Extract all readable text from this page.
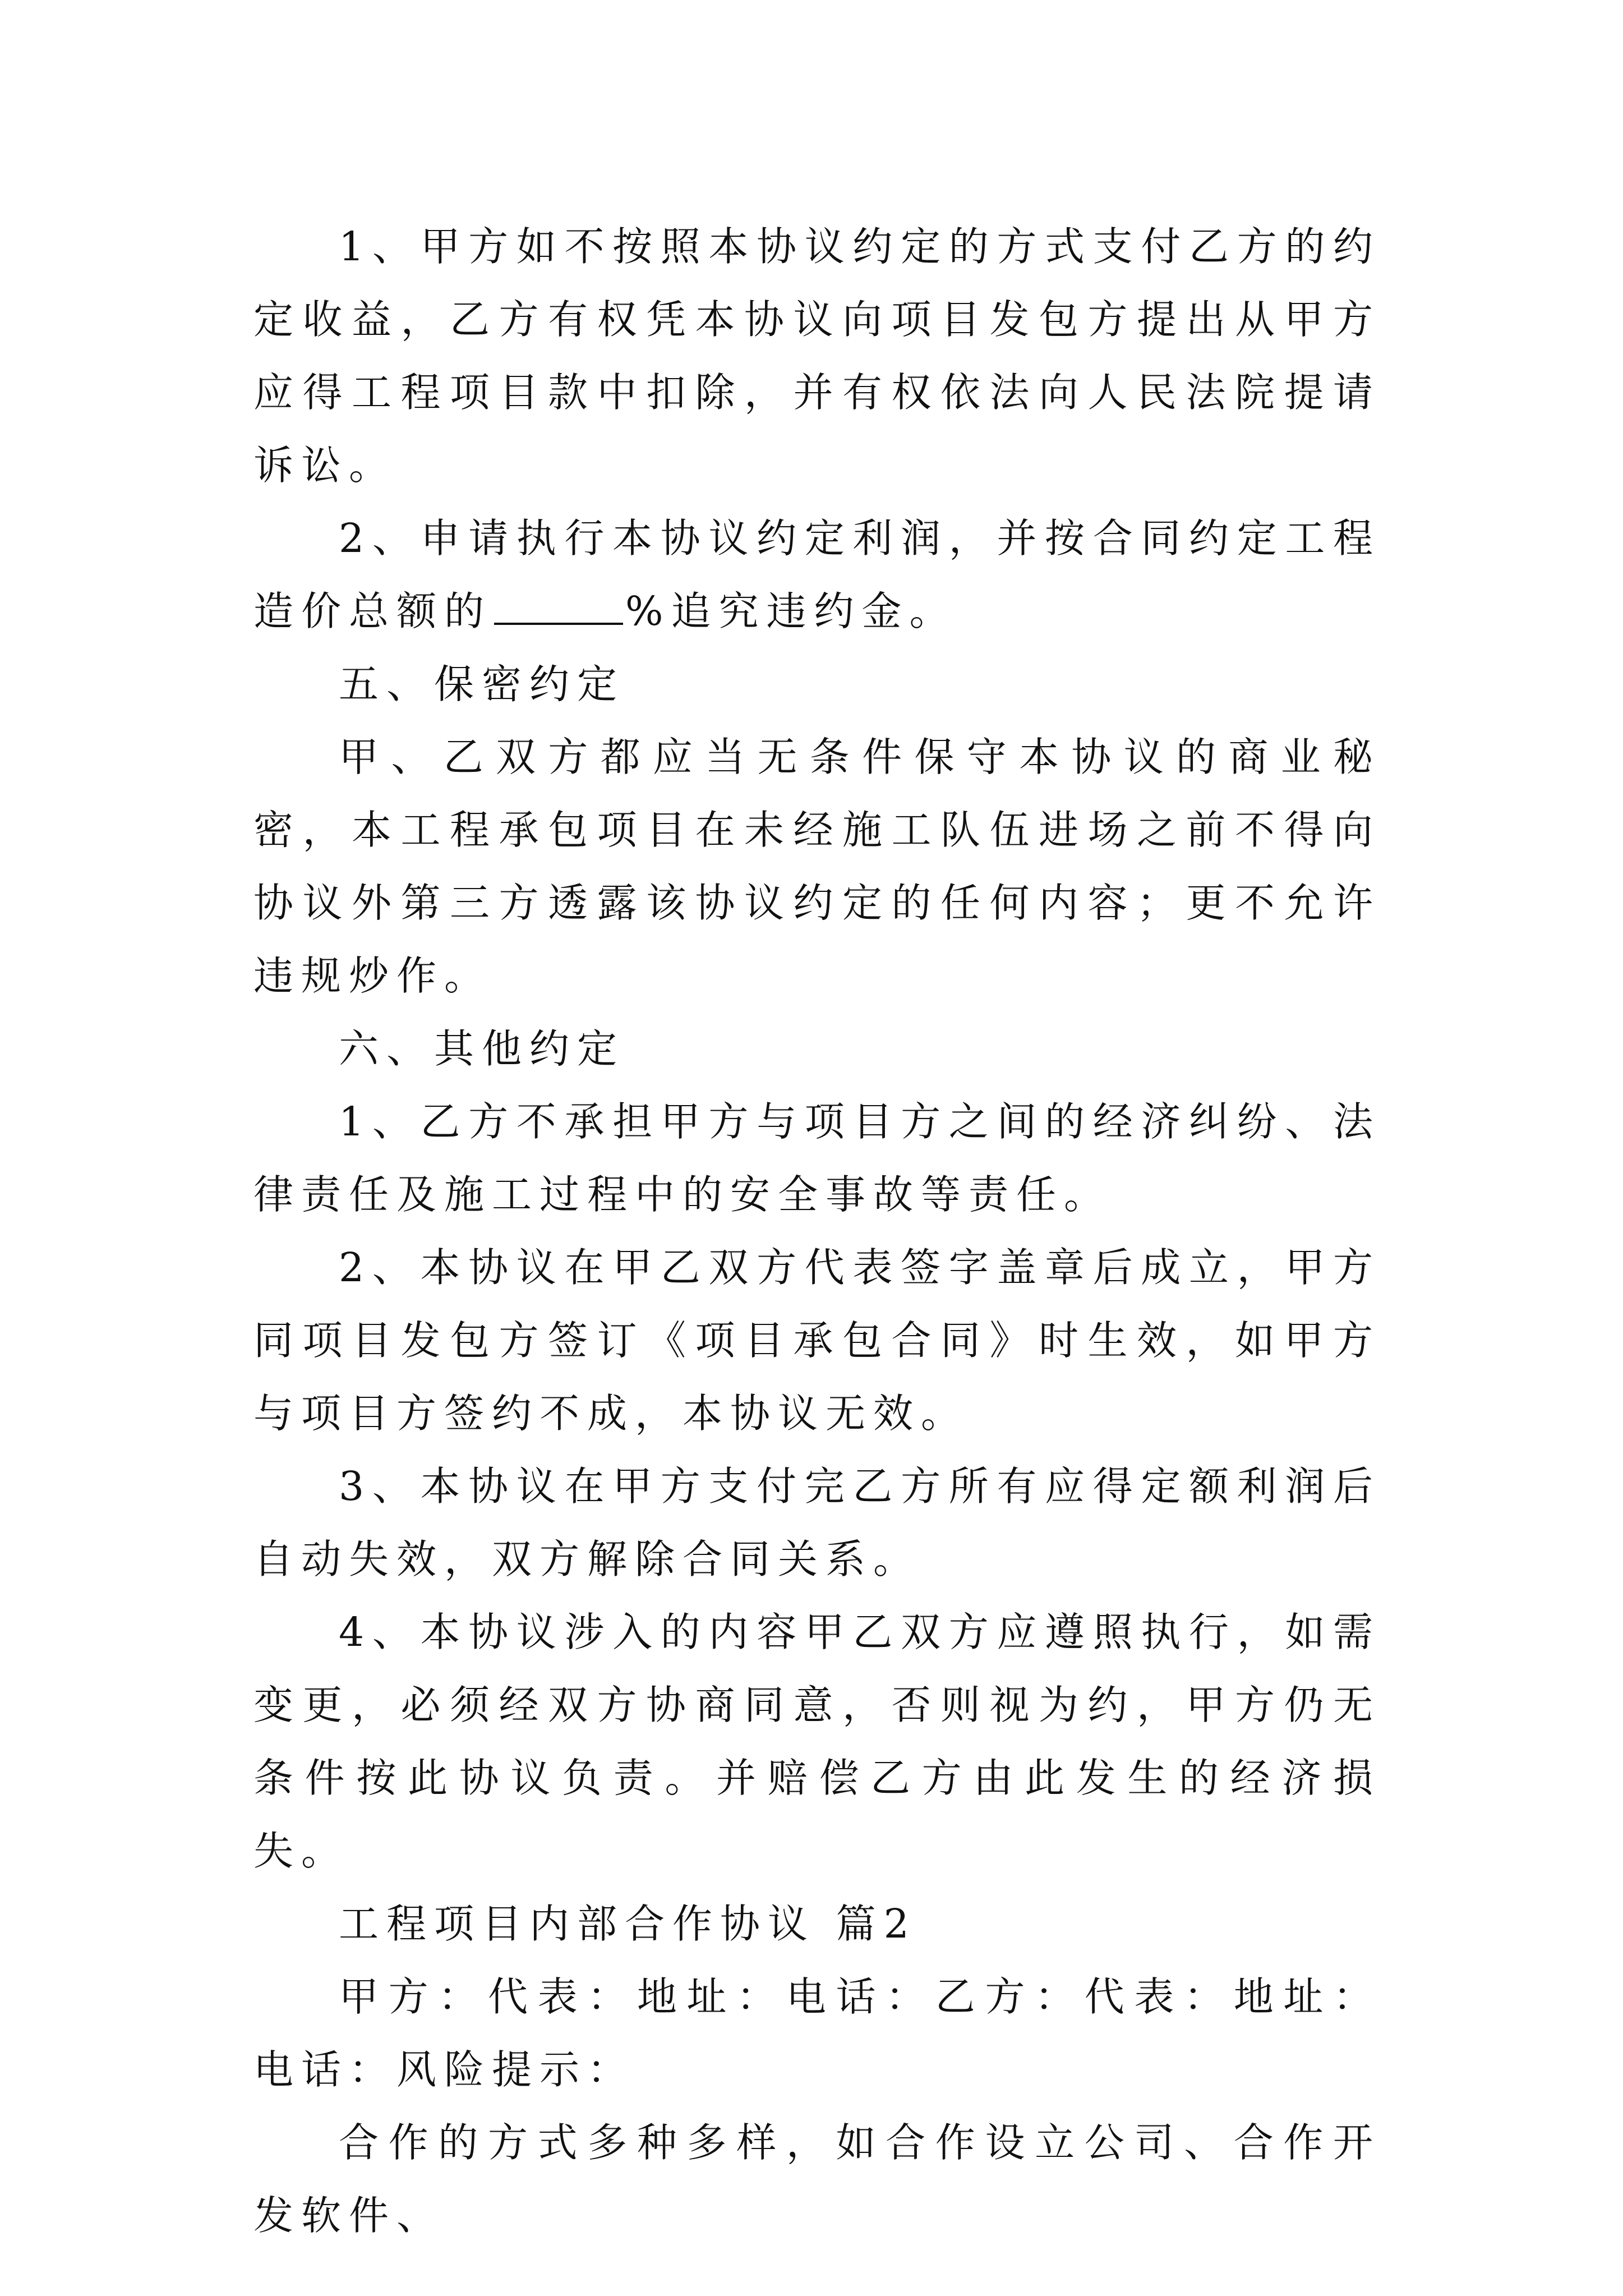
1、甲方如不按照本协议约定的方式支付乙方的约定收益，乙方有权凭本协议向项目发包方提出从甲方应得工程项目款中扣除，并有权依法向人民法院提请诉讼。

2、申请执行本协议约定利润，并按合同约定工程造价总额的	%追究违约金。

五、保密约定

甲、乙双方都应当无条件保守本协议的商业秘密，本工程承包项目在未经施工队伍进场之前不得向协议外第三方透露该协议约定的任何内容；更不允许违规炒作。

六、其他约定

1、乙方不承担甲方与项目方之间的经济纠纷、法律责任及施工过程中的安全事故等责任。

2、本协议在甲乙双方代表签字盖章后成立，甲方同项目发包方签订《项目承包合同》时生效，如甲方与项目方签约不成，本协议无效。

3、本协议在甲方支付完乙方所有应得定额利润后自动失效，双方解除合同关系。

4、本协议涉入的内容甲乙双方应遵照执行，如需变更，必须经双方协商同意，否则视为约，甲方仍无条件按此协议负责。并赔偿乙方由此发生的经济损失。

工程项目内部合作协议 篇2

甲方：代表：地址：电话：乙方：代表：地址：电话：风险提示：

合作的方式多种多样，如合作设立公司、合作开发软件、
